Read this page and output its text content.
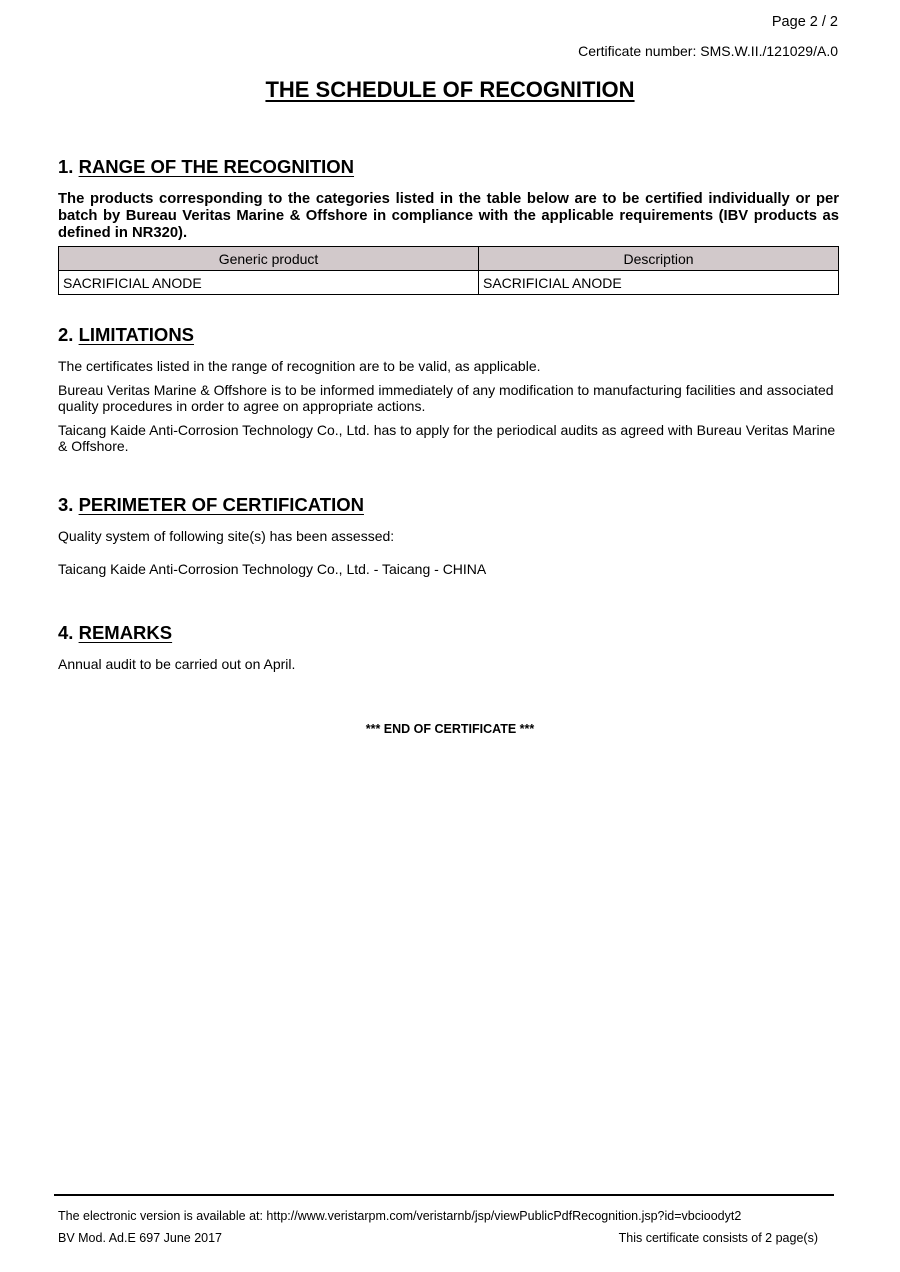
Page 2 / 2
Certificate number: SMS.W.II./121029/A.0
THE SCHEDULE OF RECOGNITION
1. RANGE OF THE RECOGNITION

The products corresponding to the categories listed in the table below are to be certified individually or per batch by Bureau Veritas Marine & Offshore in compliance with the applicable requirements (IBV products as defined in NR320).

Generic product	Description
SACRIFICIAL ANODE	SACRIFICIAL ANODE
2. LIMITATIONS

The certificates listed in the range of recognition are to be valid, as applicable.

Bureau Veritas Marine & Offshore is to be informed immediately of any modification to manufacturing facilities and associated quality procedures in order to agree on appropriate actions.

Taicang Kaide Anti-Corrosion Technology Co., Ltd. has to apply for the periodical audits as agreed with Bureau Veritas Marine & Offshore.

3. PERIMETER OF CERTIFICATION

Quality system of following site(s) has been assessed:

Taicang Kaide Anti-Corrosion Technology Co., Ltd. - Taicang - CHINA

4. REMARKS

Annual audit to be carried out on April.

*** END OF CERTIFICATE ***
The electronic version is available at: http://www.veristarpm.com/veristarnb/jsp/viewPublicPdfRecognition.jsp?id=vbcioodyt2
BV Mod. Ad.E 697 June 2017	This certificate consists of 2 page(s)
